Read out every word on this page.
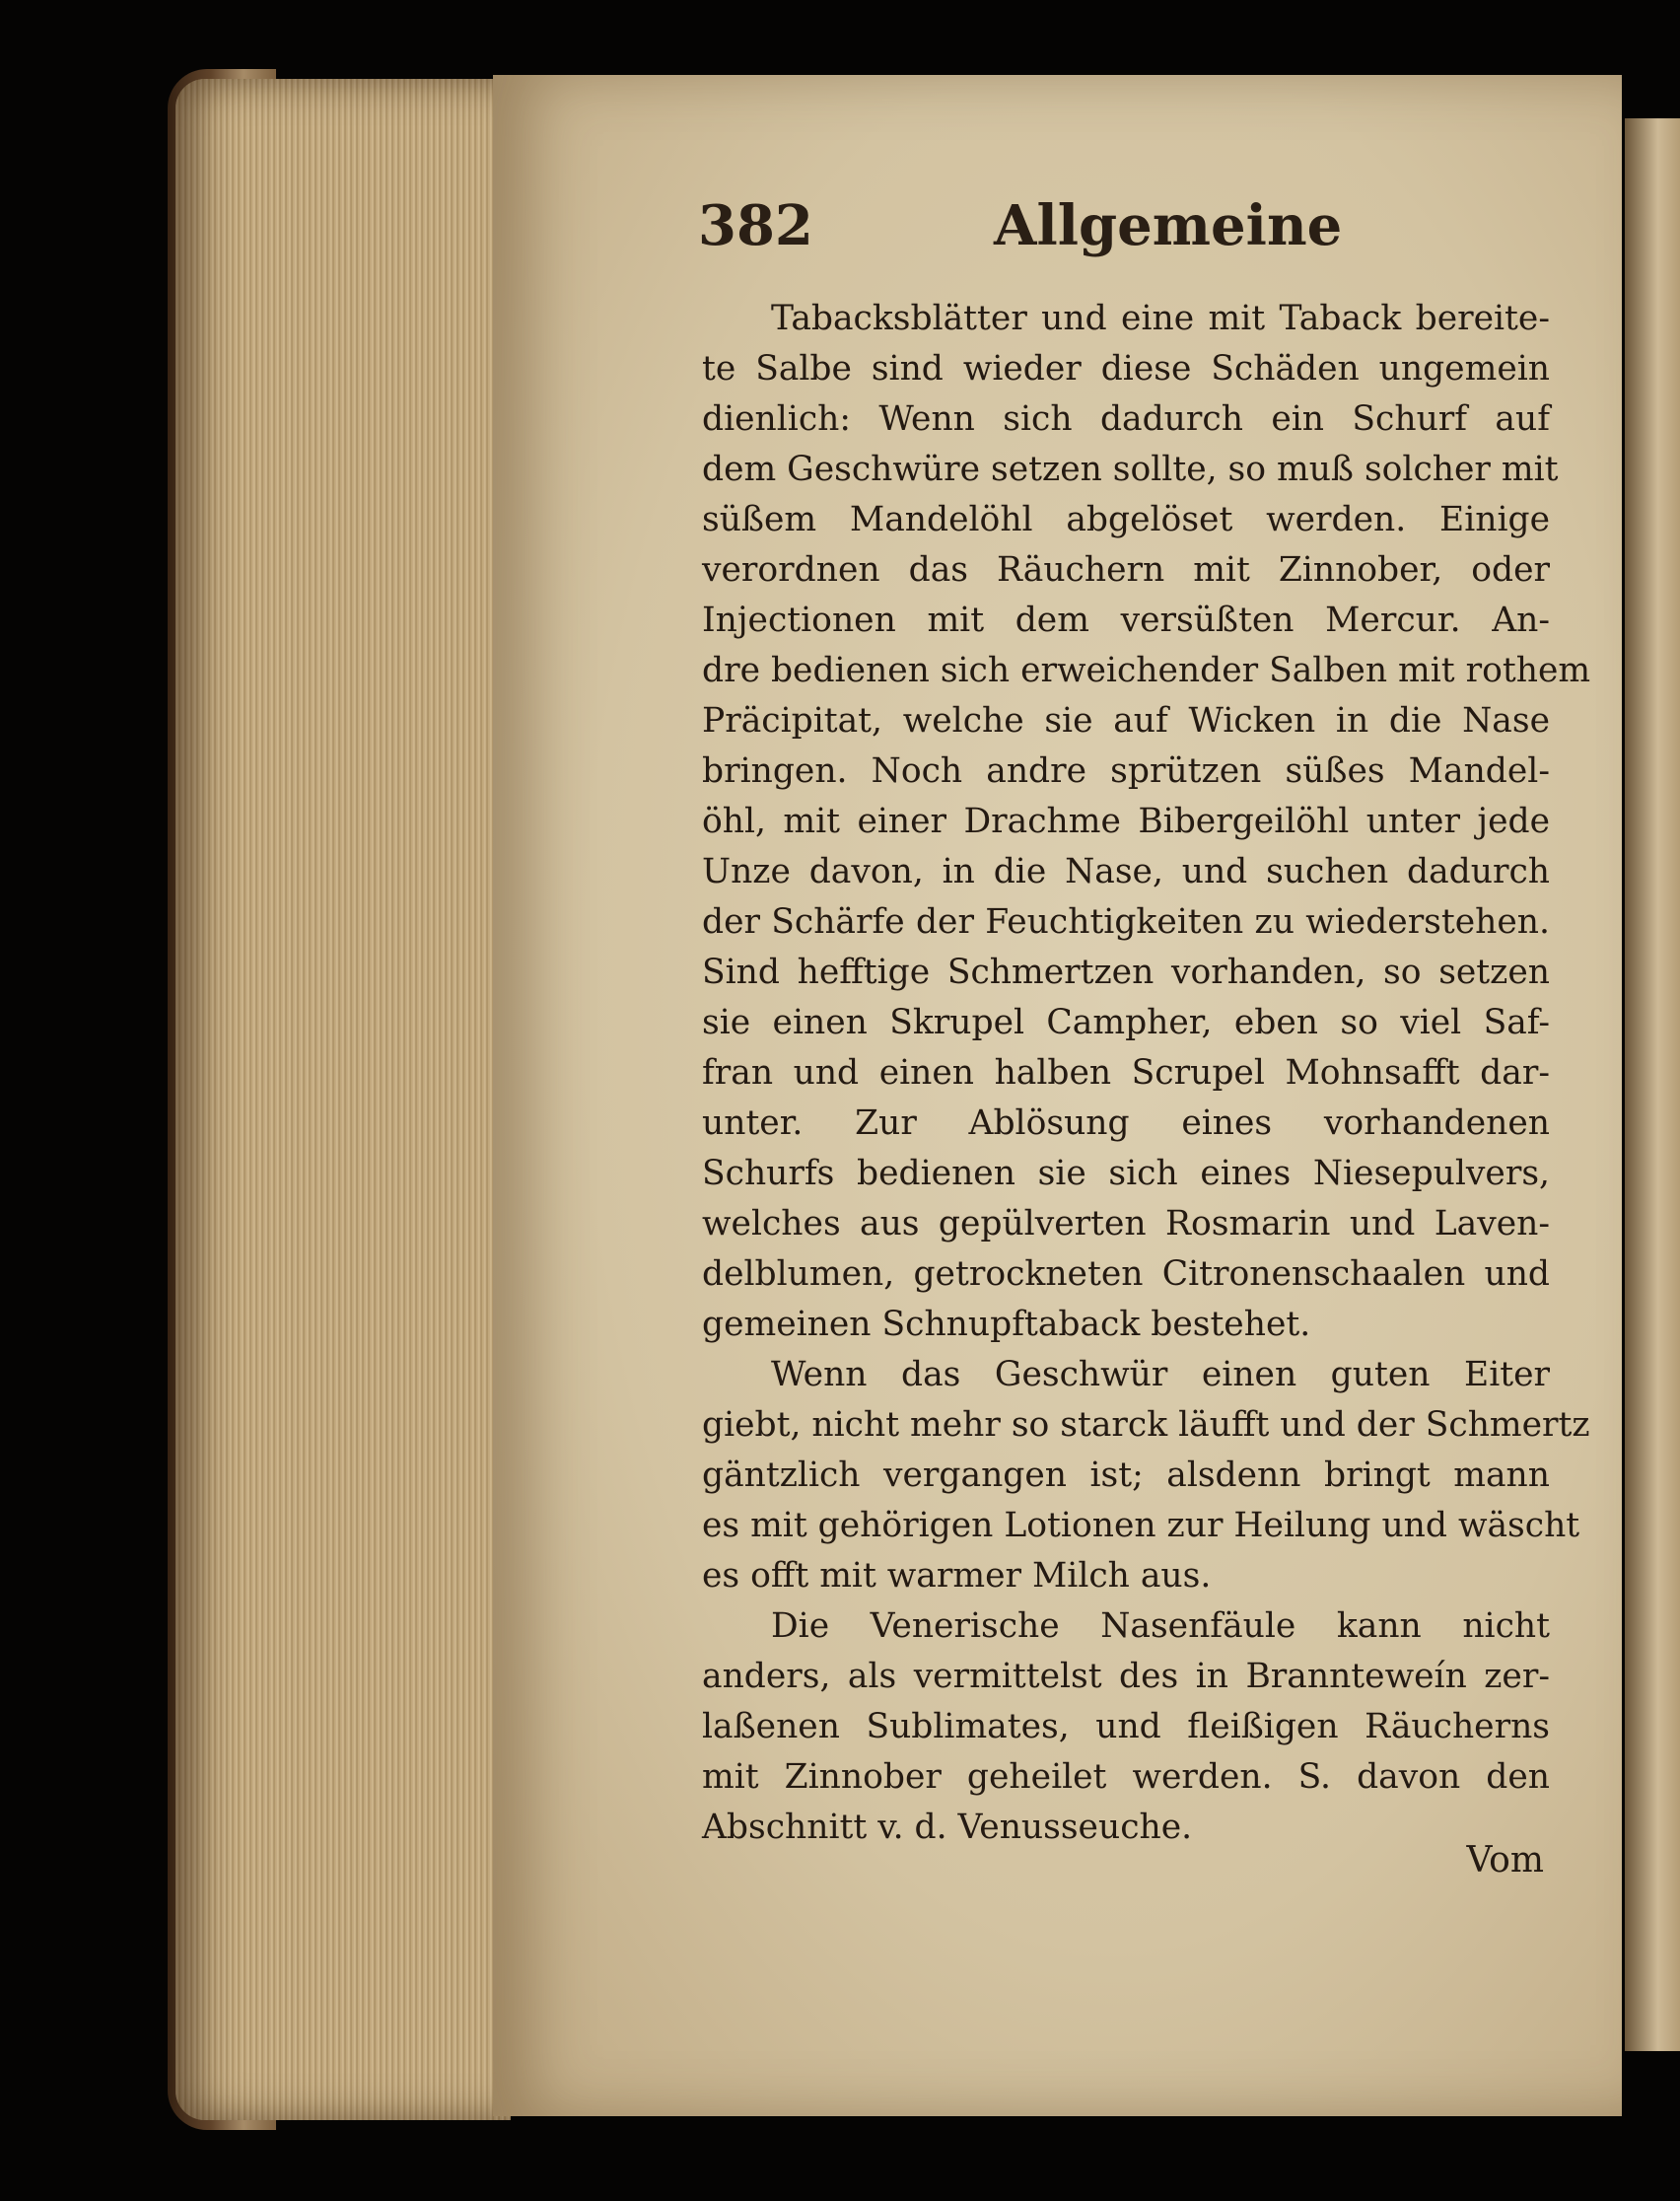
382	Allgemeine
Tabacksblätter und eine mit Taback bereite-
te Salbe sind wieder diese Schäden ungemein
dienlich: Wenn sich dadurch ein Schurf auf
dem Geschwüre setzen sollte, so muß solcher mit
süßem Mandelöhl abgelöset werden. Einige
verordnen das Räuchern mit Zinnober, oder
Injectionen mit dem versüßten Mercur. An-
dre bedienen sich erweichender Salben mit rothem
Präcipitat, welche sie auf Wicken in die Nase
bringen. Noch andre sprützen süßes Mandel-
öhl, mit einer Drachme Bibergeilöhl unter jede
Unze davon, in die Nase, und suchen dadurch
der Schärfe der Feuchtigkeiten zu wiederstehen.
Sind hefftige Schmertzen vorhanden, so setzen
sie einen Skrupel Campher, eben so viel Saf-
fran und einen halben Scrupel Mohnsafft dar-
unter. Zur Ablösung eines vorhandenen
Schurfs bedienen sie sich eines Niesepulvers,
welches aus gepülverten Rosmarin und Laven-
delblumen, getrockneten Citronenschaalen und
gemeinen Schnupftaback bestehet.
Wenn das Geschwür einen guten Eiter
giebt, nicht mehr so starck läufft und der Schmertz
gäntzlich vergangen ist; alsdenn bringt mann
es mit gehörigen Lotionen zur Heilung und wäscht
es offt mit warmer Milch aus.
Die Venerische Nasenfäule kann nicht
anders, als vermittelst des in Brannteweín zer-
laßenen Sublimates, und fleißigen Räucherns
mit Zinnober geheilet werden. S. davon den
Abschnitt v. d. Venusseuche.
Vom
